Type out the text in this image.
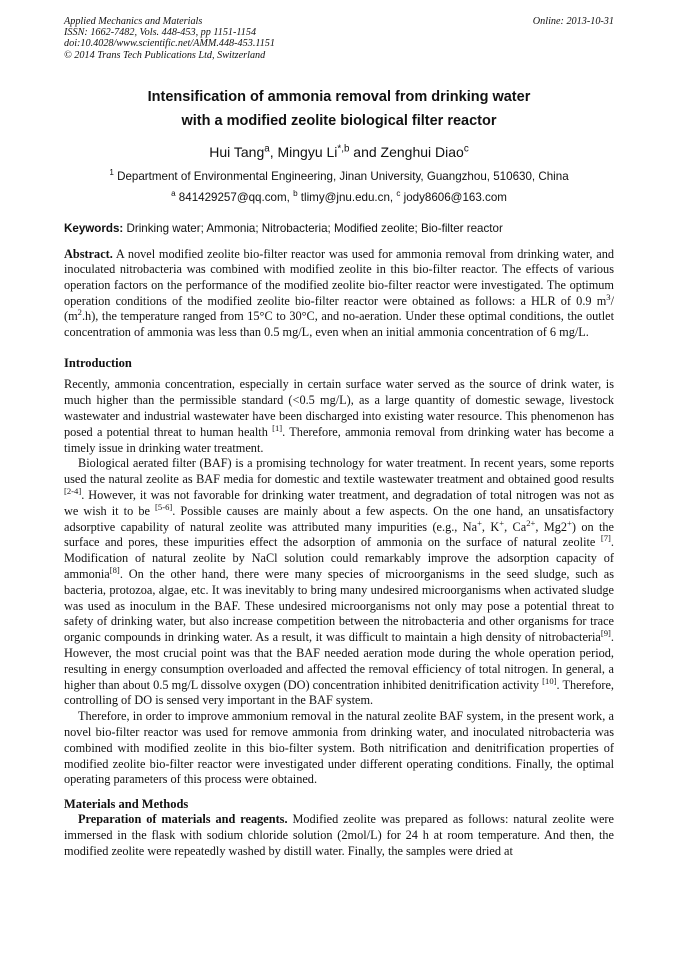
Applied Mechanics and Materials
ISSN: 1662-7482, Vols. 448-453, pp 1151-1154
doi:10.4028/www.scientific.net/AMM.448-453.1151
© 2014 Trans Tech Publications Ltd, Switzerland
Online: 2013-10-31
Intensification of ammonia removal from drinking water
with a modified zeolite biological filter reactor
Hui Tang$^a$, Mingyu $Li^{*,b}$ and Zenghui Diao$^c$
$^1$ Department of Environmental Engineering, Jinan University, Guangzhou, 510630, China
$^a$ 841429257@qq.com, $^b$ tlimy@jnu.edu.cn, $^c$ jody8606@163.com
Keywords: Drinking water; Ammonia; Nitrobacteria; Modified zeolite; Bio-filter reactor
Abstract. A novel modified zeolite bio-filter reactor was used for ammonia removal from drinking water, and inoculated nitrobacteria was combined with modified zeolite in this bio-filter reactor. The effects of various operation factors on the performance of the modified zeolite bio-filter reactor were investigated. The optimum operation conditions of the modified zeolite bio-filter reactor were obtained as follows: a HLR of 0.9 $m^3/$ $(m^2.h)$, the temperature ranged from 15°C to 30°C, and no-aeration. Under these optimal conditions, the outlet concentration of ammonia was less than 0.5 mg/L, even when an initial ammonia concentration of 6 mg/L.
Introduction
Recently, ammonia concentration, especially in certain surface water served as the source of drink water, is much higher than the permissible standard (<0.5 mg/L), as a large quantity of domestic sewage, livestock wastewater and industrial wastewater have been discharged into existing water resource. This phenomenon has posed a potential threat to human health [1]. Therefore, ammonia removal from drinking water has become a timely issue in drinking water treatment.
Biological aerated filter (BAF) is a promising technology for water treatment. In recent years, some reports used the natural zeolite as BAF media for domestic and textile wastewater treatment and obtained good results [2-4]. However, it was not favorable for drinking water treatment, and degradation of total nitrogen was not as we wish it to be [5-6]. Possible causes are mainly about a few aspects. On the one hand, an unsatisfactory adsorptive capability of natural zeolite was attributed many impurities (e.g., Na+, K+, $Ca^{2+}$, Mg2+) on the surface and pores, these impurities effect the adsorption of ammonia on the surface of natural zeolite [7]. Modification of natural zeolite by NaCl solution could remarkably improve the adsorption capacity of ammonia[8]. On the other hand, there were many species of microorganisms in the seed sludge, such as bacteria, protozoa, algae, etc. It was inevitably to bring many undesired microorganisms when activated sludge was used as inoculum in the BAF. These undesired microorganisms not only may pose a potential threat to safety of drinking water, but also increase competition between the nitrobacteria and other organisms for trace organic compounds in drinking water. As a result, it was difficult to maintain a high density of nitrobacteria[9]. However, the most crucial point was that the BAF needed aeration mode during the whole operation period, resulting in energy consumption overloaded and affected the removal efficiency of total nitrogen. In general, a higher than about 0.5 mg/L dissolve oxygen (DO) concentration inhibited denitrification activity [10]. Therefore, controlling of DO is sensed very important in the BAF system.
Therefore, in order to improve ammonium removal in the natural zeolite BAF system, in the present work, a novel bio-filter reactor was used for remove ammonia from drinking water, and inoculated nitrobacteria was combined with modified zeolite in this bio-filter system. Both nitrification and denitrification properties of modified zeolite bio-filter reactor were investigated under different operating conditions. Finally, the optimal operating parameters of this process were obtained.
Materials and Methods
Preparation of materials and reagents. Modified zeolite was prepared as follows: natural zeolite were immersed in the flask with sodium chloride solution (2mol/L) for 24 h at room temperature. And then, the modified zeolite were repeatedly washed by distill water. Finally, the samples were dried at
